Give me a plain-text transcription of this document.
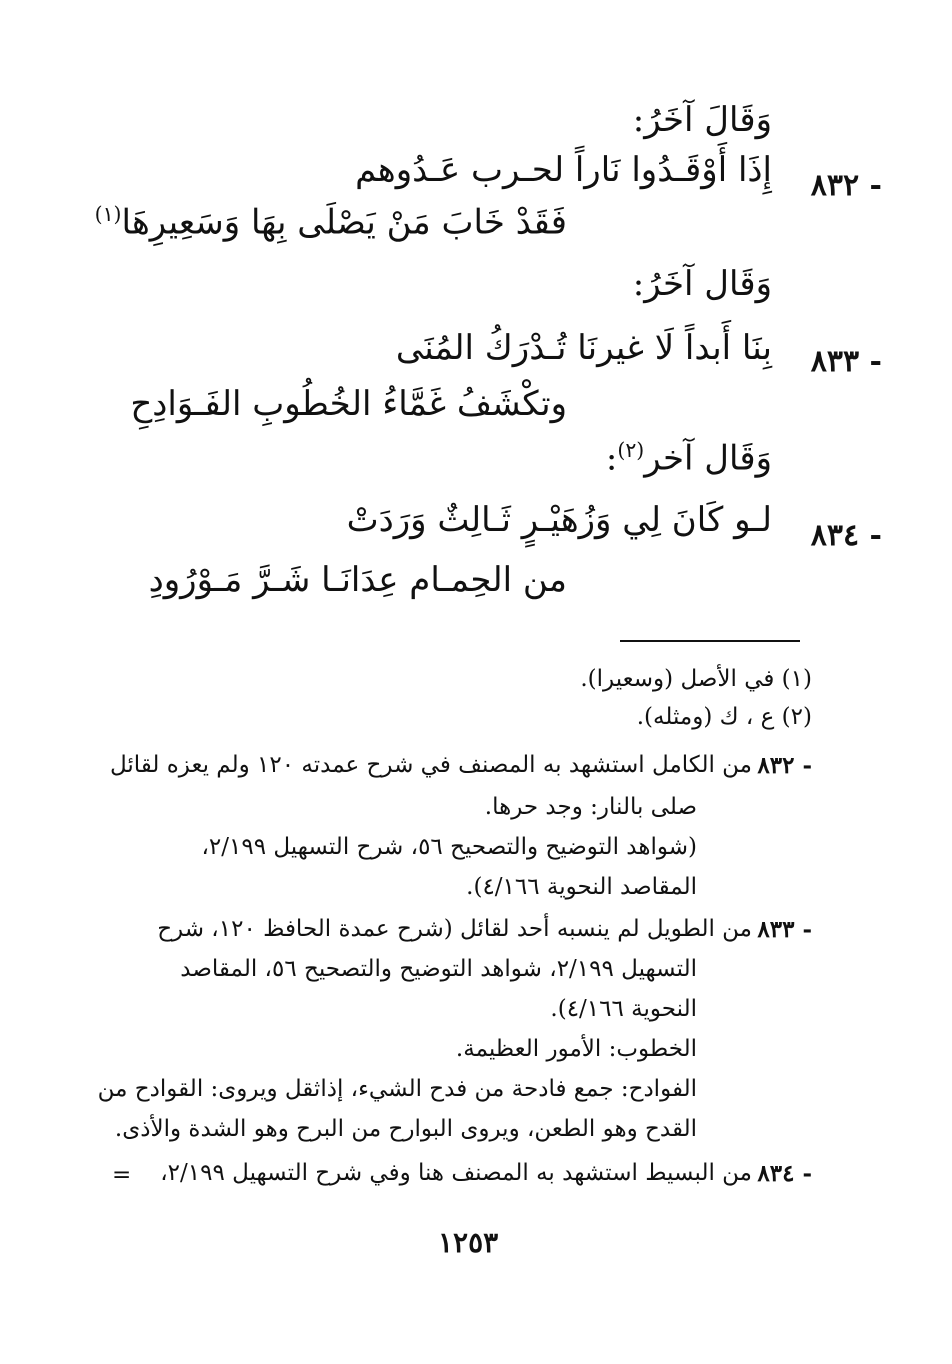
وَقَالَ آخَرُ:
٨٣٢ -
إِذَا أَوْقَـدُوا نَاراً لحـرب عَـدُوهم
فَقَدْ خَابَ مَنْ يَصْلَى بِهَا وَسَعِيرِهَا$^{(١)}$
وَقَال آخَرُ:
٨٣٣ -
بِنَا أَبداً لَا غيرنَا تُـدْرَكُ المُنَى
وتكْشَفُ غَمَّاءُ الخُطُوبِ الفَـوَادِحِ
وَقَال آخر$^{(٢)}$:
٨٣٤ -
لـو كَانَ لِي وَزُهَيْـرٍ ثَـالِثٌ وَرَدَتْ
من الحِمـام عِدَانَـا شَـرَّ مَـوْرُودِ
(١) في الأصل (وسعيرا).
(٢) ع ، ك (ومثله).
٨٣٢ -
من الكامل استشهد به المصنف في شرح عمدته ١٢٠ ولم يعزه لقائل
صلى بالنار: وجد حرها.
(شواهد التوضيح والتصحيح ٥٦، شرح التسهيل ٢/١٩٩،
المقاصد النحوية ٤/١٦٦).
٨٣٣ -
من الطويل لم ينسبه أحد لقائل (شرح عمدة الحافظ ١٢٠، شرح
التسهيل ٢/١٩٩، شواهد التوضيح والتصحيح ٥٦، المقاصد
النحوية ٤/١٦٦).
الخطوب: الأمور العظيمة.
الفوادح: جمع فادحة من فدح الشيء، إذاثقل ويروى: القوادح من
القدح وهو الطعن، ويروى البوارح من البرح وهو الشدة والأذى.
٨٣٤ -
من البسيط استشهد به المصنف هنا وفي شرح التسهيل ٢/١٩٩،
=
١٢٥٣
